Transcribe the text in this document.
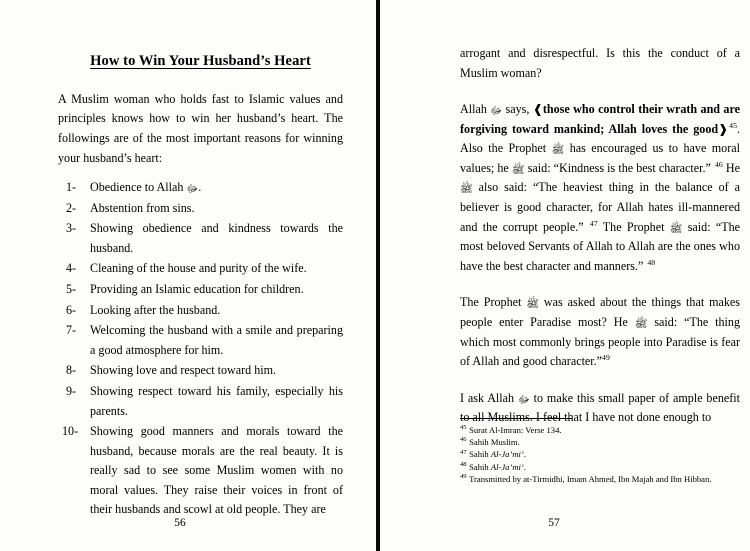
How to Win Your Husband’s Heart

A Muslim woman who holds fast to Islamic values and principles knows how to win her husband’s heart. The followings are of the most important reasons for winning your husband’s heart:

1-	Obedience to Allah ﷻ.
2-	Abstention from sins.
3-	Showing obedience and kindness towards the husband.
4-	Cleaning of the house and purity of the wife.
5-	Providing an Islamic education for children.
6-	Looking after the husband.
7-	Welcoming the husband with a smile and preparing a good atmosphere for him.
8-	Showing love and respect toward him.
9-	Showing respect toward his family, especially his parents.
10- Showing good manners and morals toward the husband, because morals are the real beauty. It is really sad to see some Muslim women with no moral values. They raise their voices in front of their husbands and scowl at old people. They are
56

arrogant and disrespectful. Is this the conduct of a Muslim woman?

Allah ﷻ says, ❰those who control their wrath and are forgiving toward mankind; Allah loves the good❱$^{45}$. Also the Prophet ﷺ has encouraged us to have moral values; he ﷺ said: “Kindness is the best character.” $^{46}$ He ﷺ also said: “The heaviest thing in the balance of a believer is good character, for Allah hates ill-mannered and the corrupt people.” $^{47}$ The Prophet ﷺ said: “The most beloved Servants of Allah to Allah are the ones who have the best character and manners.” $^{48}$

The Prophet ﷺ was asked about the things that makes people enter Paradise most? He ﷺ said: “The thing which most commonly brings people into Paradise is fear of Allah and good character.”$^{49}$

I ask Allah ﷻ to make this small paper of ample benefit to all Muslims. I feel that I have not done enough to

$^{45}$ Surat Al-Imran: Verse 134.

$^{46}$ Sahih Muslim.

$^{47}$ Sahih Al-Ja’mi’.

$^{48}$ Sahih Al-Ja’mi’.

$^{49}$ Transmitted by at-Tirmidhi, Imam Ahmed, Ibn Majah and Ibn Hibban.

57
